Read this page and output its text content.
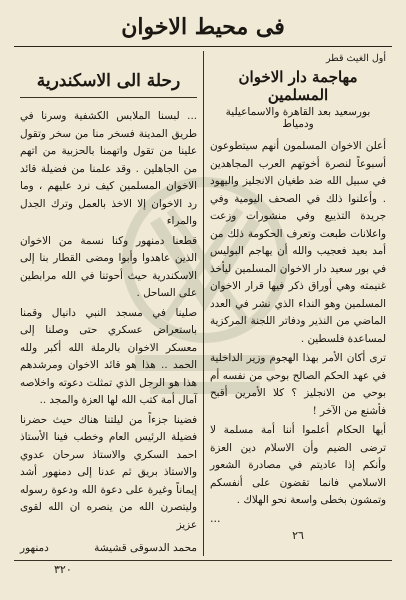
فى محيط الاخوان
أول الغيث قطر
مهاجمة دار الاخوان المسلمين
بورسعيد بعد القاهرة والاسماعيلية ودمياط

أعلن الاخوان المسلمون أنهم سيتطوعون أسبوعاً لنصرة أخوتهم العرب المجاهدين في سبيل الله ضد طغيان الانجليز واليهود . وأعلنوا ذلك في الصحف اليومية وفي جريدة التذييع وفي منشورات وزعت واعلانات طبعت وتعرف الحكومة ذلك من أمد بعيد فعجيب والله أن يهاجم البوليس في بور سعيد دار الاخوان المسلمين ليأخذ غنيمته وهي أوراق ذكر فيها قرار الاخوان المسلمين وهو النداء الذي نشر في العدد الماضي من النذير ودفاتر اللجنة المركزية لمساعدة فلسطين .

ترى أكان الأمر بهذا الهجوم وزير الداخلية في عهد الحكم الصالح بوحي من نفسه أم بوحي من الانجليز ؟ كلا الأمرين أقبح فأشنع من الآخر !

أيها الحكام أعلموا أننا أمة مسلمة لا ترضى الضيم وأن الاسلام دين العزة وأنكم إذا عاديتم في مصادرة الشعور الاسلامي فانما تقضون على أنفسكم وتمشون بخطى واسعة نحو الهلاك .

...
٢٦
رحلة الى الاسكندرية

... لبسنا الملابس الكشفية وسرنا في طريق المدينة فسخر منا من سخر وتقول علينا من تقول واتهمنا بالحزبية من اتهم من الجاهلين . وقد علمنا من فضيلة قائد الاخوان المسلمين كيف نرد عليهم ، وما رد الاخوان إلا الاخذ بالعمل وترك الجدل والمراء

قطعنا دمنهور وكنا نسمة من الاخوان الذين عاهدوا وأبوا ومضى القطار بنا إلى الاسكندرية حيث أحوتنا في الله مرابطين على الساحل .

صلينا في مسجد النبي دانيال وقمنا باستعراض عسكري حتى وصلنا إلى معسكر الاخوان بالرملة الله أكبر ولله الحمد .. هذا هو قائد الاخوان ومرشدهم هذا هو الرجل الذي تمثلت دعوته واخلاصه آمال أمة كتب الله لها العزة والمجد ..

فضينا جزءاً من ليلتنا هناك حيث حضرنا فضيلة الرئيس العام وخطب فينا الأستاذ احمد السكري والاستاذ سرحان عدوي والاستاذ بريق ثم عدنا إلى دمنهور أشد إيماناً وغيرة على دعوة الله ودعوة رسوله وليتصرن الله من ينصره ان الله لقوى عزيز

محمد الدسوقى قشيشة
دمنهور
٣٢٠
